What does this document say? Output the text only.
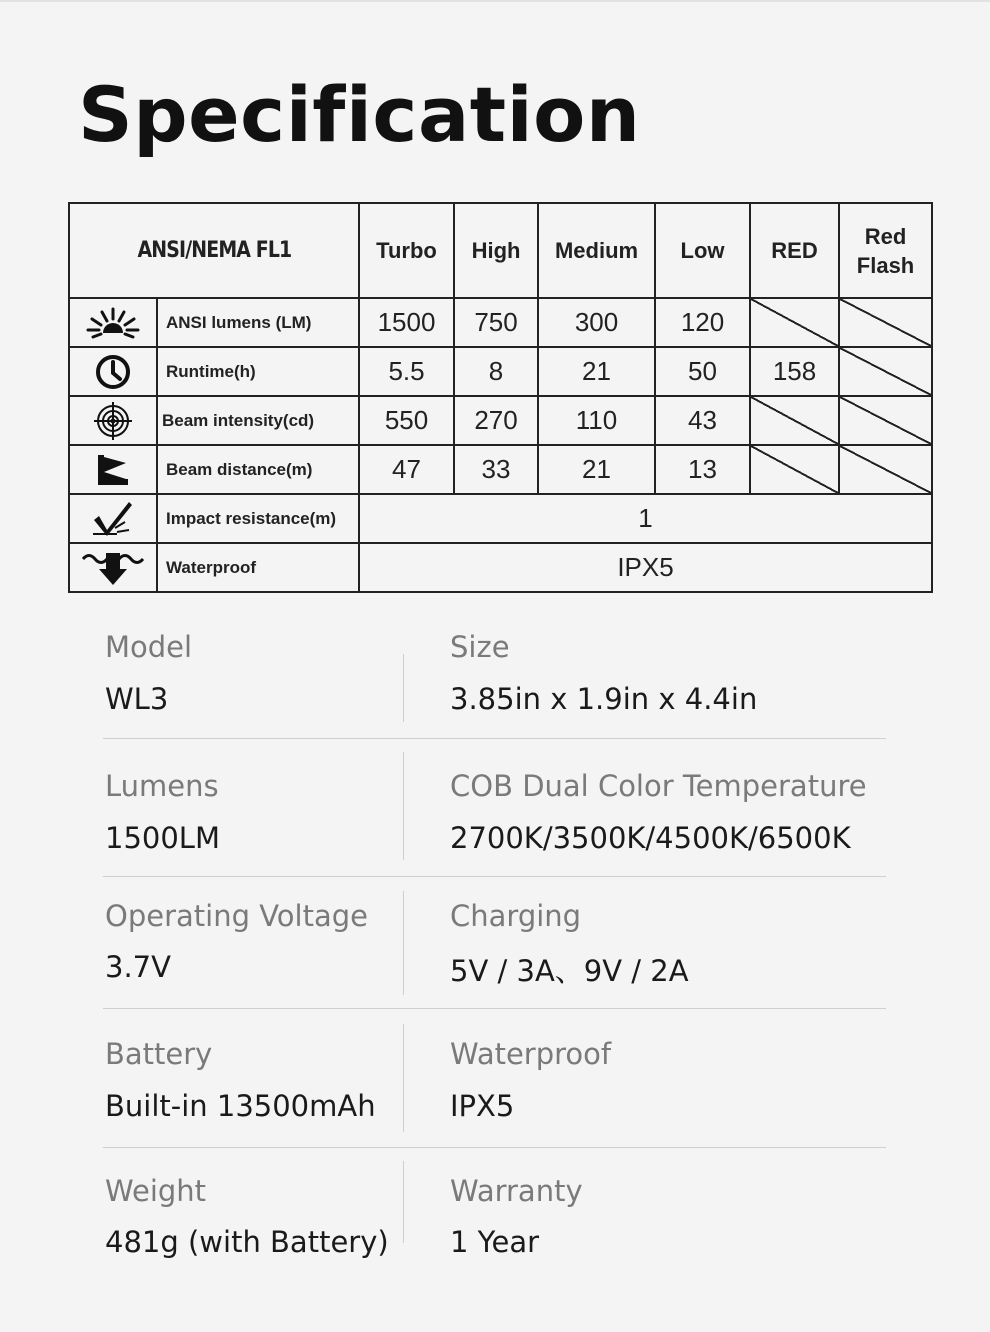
Specification
ANSI/NEMA FL1		Turbo	High	Medium	Low	RED	Red Flash

	ANSI lumens (LM)	1500	750	300	120		

	Runtime(h)	5.5	8	21	50	158	

	Beam intensity(cd)	550	270	110	43		

	Beam distance(m)	47	33	21	13		

	Impact resistance(m)	1					

	Waterproof	IPX5					
Model
WL3
Size
3.85in x 1.9in x 4.4in
Lumens
1500LM
COB Dual Color Temperature
2700K/3500K/4500K/6500K
Operating Voltage
3.7V
Charging
5V / 3A、9V / 2A
Battery
Built-in 13500mAh
Waterproof
IPX5
Weight
481g (with Battery)
Warranty
1 Year
